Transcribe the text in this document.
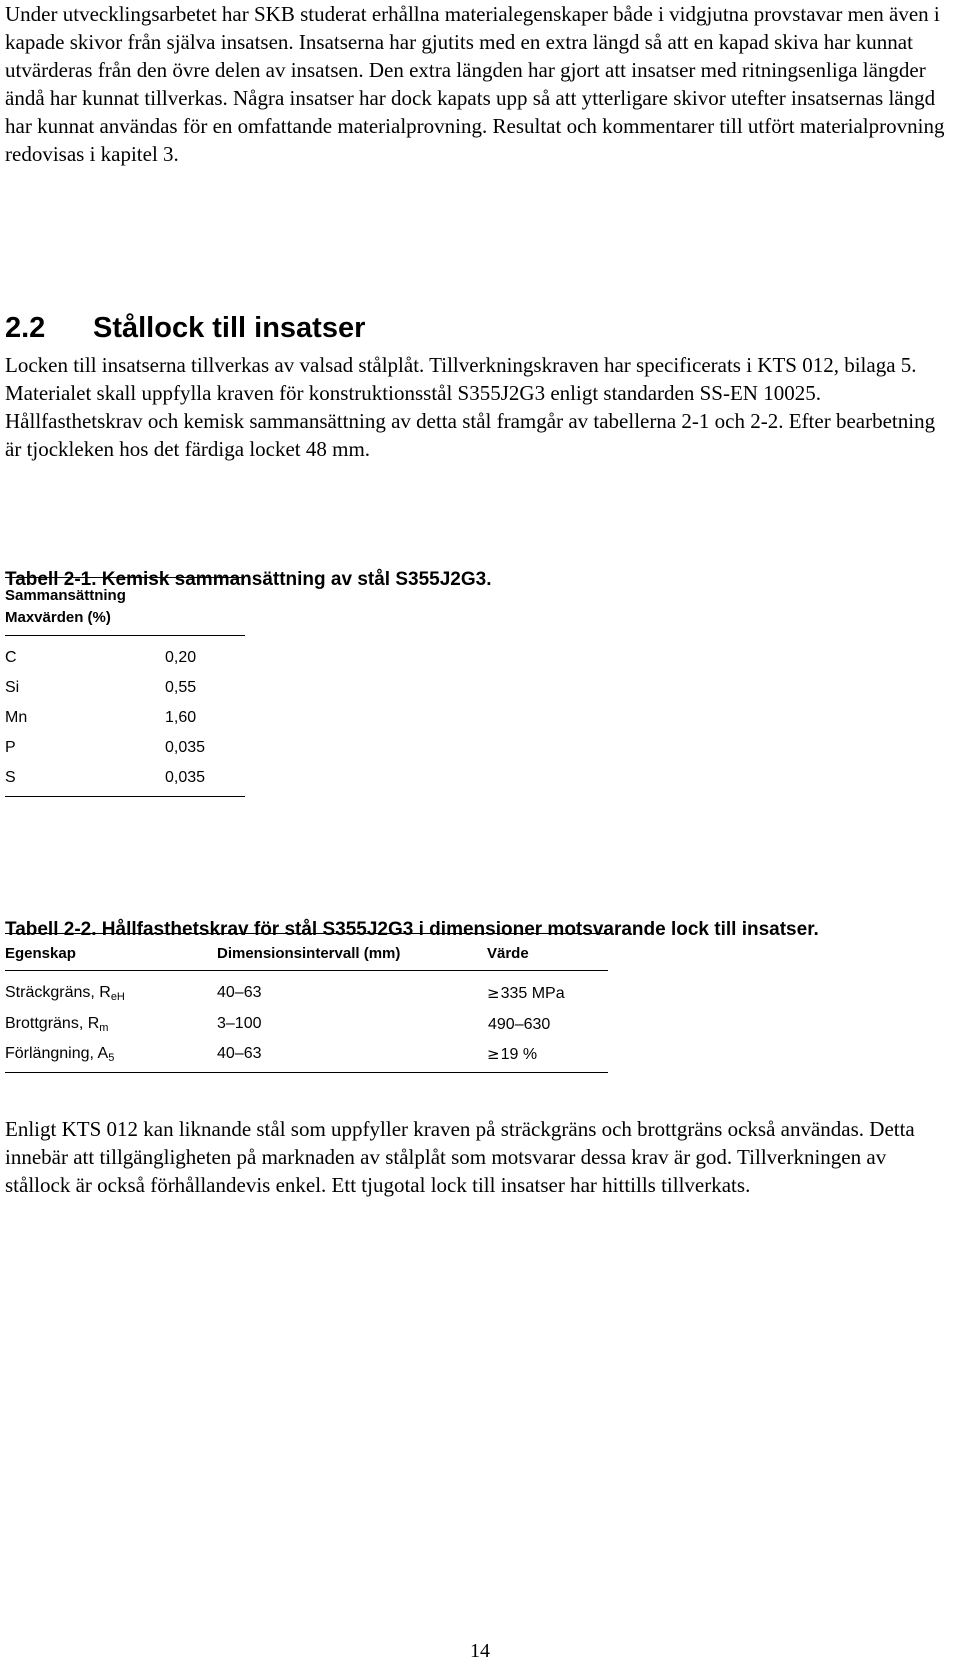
Under utvecklingsarbetet har SKB studerat erhållna materialegenskaper både i vidgjutna provstavar men även i kapade skivor från själva insatsen. Insatserna har gjutits med en extra längd så att en kapad skiva har kunnat utvärderas från den övre delen av insatsen. Den extra längden har gjort att insatser med ritningsenliga längder ändå har kunnat tillverkas. Några insatser har dock kapats upp så att ytterligare skivor utefter insatsernas längd har kunnat användas för en omfattande materialprovning. Resultat och kommentarer till utfört materialprovning redovisas i kapitel 3.

2.2 Stållock till insatser

Locken till insatserna tillverkas av valsad stålplåt. Tillverkningskraven har specificerats i KTS 012, bilaga 5. Materialet skall uppfylla kraven för konstruktionsstål S355J2G3 enligt standarden SS-EN 10025. Hållfasthetskrav och kemisk sammansättning av detta stål framgår av tabellerna 2-1 och 2-2. Efter bearbetning är tjockleken hos det färdiga locket 48 mm.

Tabell 2-1. Kemisk sammansättning av stål S355J2G3.
Sammansättning
Maxvärden (%)
C	0,20
Si	0,55
Mn	1,60
P	0,035
S	0,035
Tabell 2-2. Hållfasthetskrav för stål S355J2G3 i dimensioner motsvarande lock till insatser.
Egenskap	Dimensionsintervall (mm)	Värde
Sträckgräns, $R_{eH}$	40–63	≥335 MPa
Brottgräns, $R_m$	3–100	490–630
Förlängning, $A_5$	40–63	≥19 %

Enligt KTS 012 kan liknande stål som uppfyller kraven på sträckgräns och brottgräns också användas. Detta innebär att tillgängligheten på marknaden av stålplåt som motsvarar dessa krav är god. Tillverkningen av stållock är också förhållandevis enkel. Ett tjugotal lock till insatser har hittills tillverkats.

14
